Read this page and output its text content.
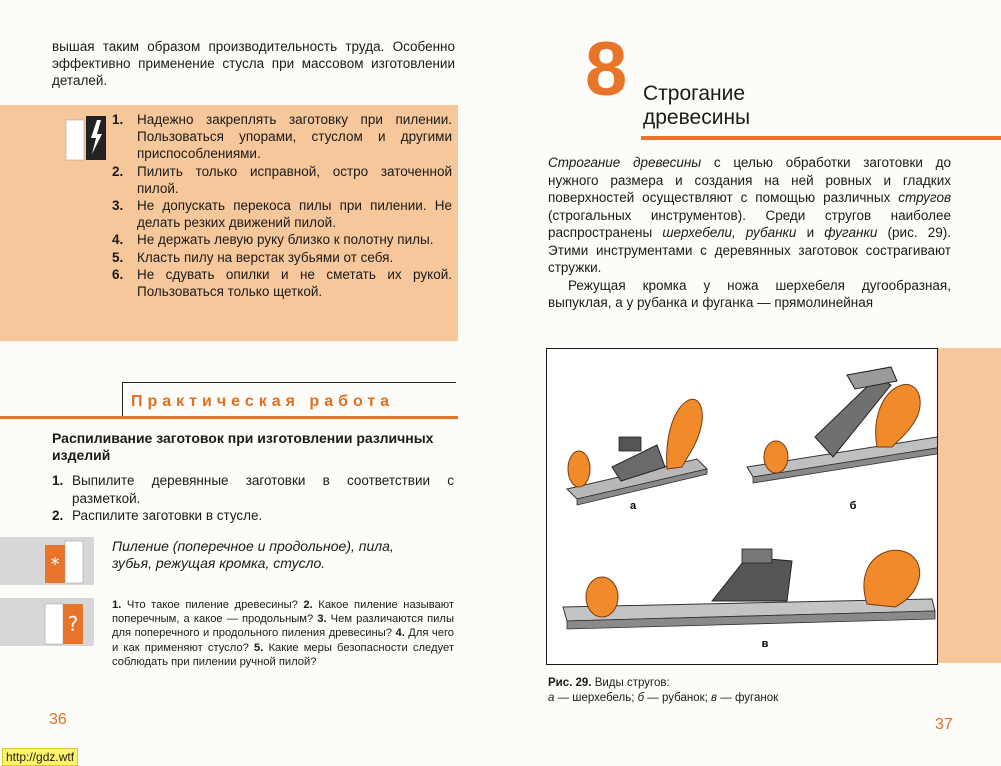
вышая таким образом производительность труда. Особенно эффективно применение стусла при массовом изготовлении деталей.

1. Надежно закреплять заготовку при пилении. Пользоваться упорами, стуслом и другими приспособлениями.
2. Пилить только исправной, остро заточенной пилой.
3. Не допускать перекоса пилы при пилении. Не делать резких движений пилой.
4. Не держать левую руку близко к полотну пилы.
5. Класть пилу на верстак зубьями от себя.
6. Не сдувать опилки и не сметать их рукой. Пользоваться только щеткой.
Практическая работа
Распиливание заготовок при изготовлении различных изделий
1. Выпилите деревянные заготовки в соответствии с разметкой.
2. Распилите заготовки в стусле.
*

Пиление (поперечное и продольное), пила, зубья, режущая кромка, стусло.

?

1. Что такое пиление древесины? 2. Какое пиление называют поперечным, а какое — продольным? 3. Чем различаются пилы для поперечного и продольного пиления древесины? 4. Для чего и как применяют стусло? 5. Какие меры безопасности следует соблюдать при пилении ручной пилой?

36
http://gdz.wtf
8 Строгание
древесины

Строгание древесины с целью обработки заготовки до нужного размера и создания на ней ровных и гладких поверхностей осуществляют с помощью различных стругов (строгальных инструментов). Среди стругов наиболее распространены шерхебели, рубанки и фуганки (рис. 29). Этими инструментами с деревянных заготовок сострагивают стружки.

Режущая кромка у ножа шерхебеля дугообразная, выпуклая, а у рубанка и фуганка — прямолинейная

а	б
в
Рис. 29. Виды стругов:
а — шерхебель; б — рубанок; в — фуганок
37
